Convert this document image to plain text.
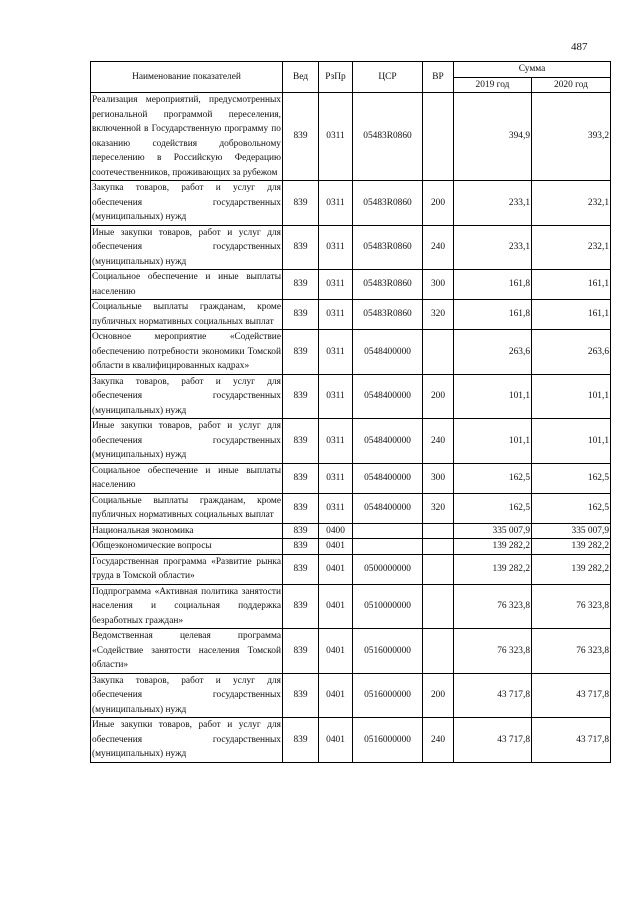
487
Наименование показателей	Вед	РзПр	ЦСР	ВР	Сумма	
					2019 год	2020 год
Реализация мероприятий, предусмотренных региональной программой переселения, включенной в Государственную программу по оказанию содействия добровольному переселению в Российскую Федерацию соотечественников, проживающих за рубежом	839	0311	05483R0860		394,9	393,2
Закупка товаров, работ и услуг для обеспечения государственных (муниципальных) нужд	839	0311	05483R0860	200	233,1	232,1
Иные закупки товаров, работ и услуг для обеспечения государственных (муниципальных) нужд	839	0311	05483R0860	240	233,1	232,1
Социальное обеспечение и иные выплаты населению	839	0311	05483R0860	300	161,8	161,1
Социальные выплаты гражданам, кроме публичных нормативных социальных выплат	839	0311	05483R0860	320	161,8	161,1
Основное мероприятие «Содействие обеспечению потребности экономики Томской области в квалифицированных кадрах»	839	0311	0548400000		263,6	263,6
Закупка товаров, работ и услуг для обеспечения государственных (муниципальных) нужд	839	0311	0548400000	200	101,1	101,1
Иные закупки товаров, работ и услуг для обеспечения государственных (муниципальных) нужд	839	0311	0548400000	240	101,1	101,1
Социальное обеспечение и иные выплаты населению	839	0311	0548400000	300	162,5	162,5
Социальные выплаты гражданам, кроме публичных нормативных социальных выплат	839	0311	0548400000	320	162,5	162,5
Национальная экономика	839	0400			335 007,9	335 007,9
Общеэкономические вопросы	839	0401			139 282,2	139 282,2
Государственная программа «Развитие рынка труда в Томской области»	839	0401	0500000000		139 282,2	139 282,2
Подпрограмма «Активная политика занятости населения и социальная поддержка безработных граждан»	839	0401	0510000000		76 323,8	76 323,8
Ведомственная целевая программа «Содействие занятости населения Томской области»	839	0401	0516000000		76 323,8	76 323,8
Закупка товаров, работ и услуг для обеспечения государственных (муниципальных) нужд	839	0401	0516000000	200	43 717,8	43 717,8
Иные закупки товаров, работ и услуг для обеспечения государственных (муниципальных) нужд	839	0401	0516000000	240	43 717,8	43 717,8
